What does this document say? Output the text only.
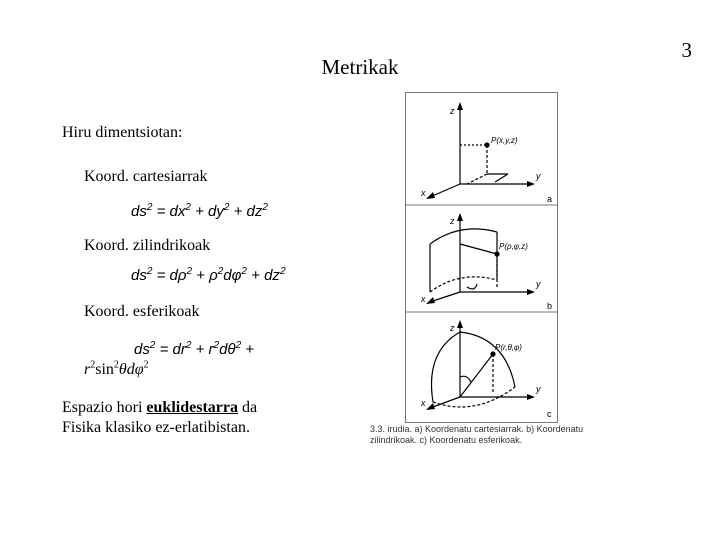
Metrikak
3
Hiru dimentsiotan:
Koord. cartesiarrak
$ds^2 = dx^2 + dy^2 + dz^2$
Koord. zilindrikoak
$ds^2 = d\rho^2 + \rho^2d\varphi^2 + dz^2$
Koord. esferikoak
$ds^2 = dr^2 + r^2d\theta^2$ +
$r^2\sin^2\theta d\varphi^2$
Espazio hori euklidestarra da
Fisika klasiko ez-erlatibistan.
z
y
x
P(x,y,z)
a
z
y
x
P(ρ,φ,z)
b
z
y
x
P(r,θ,φ)
c
3.3. irudia. a) Koordenatu cartesiarrak. b) Koordenatu
zilindrikoak. c) Koordenatu esferikoak.
